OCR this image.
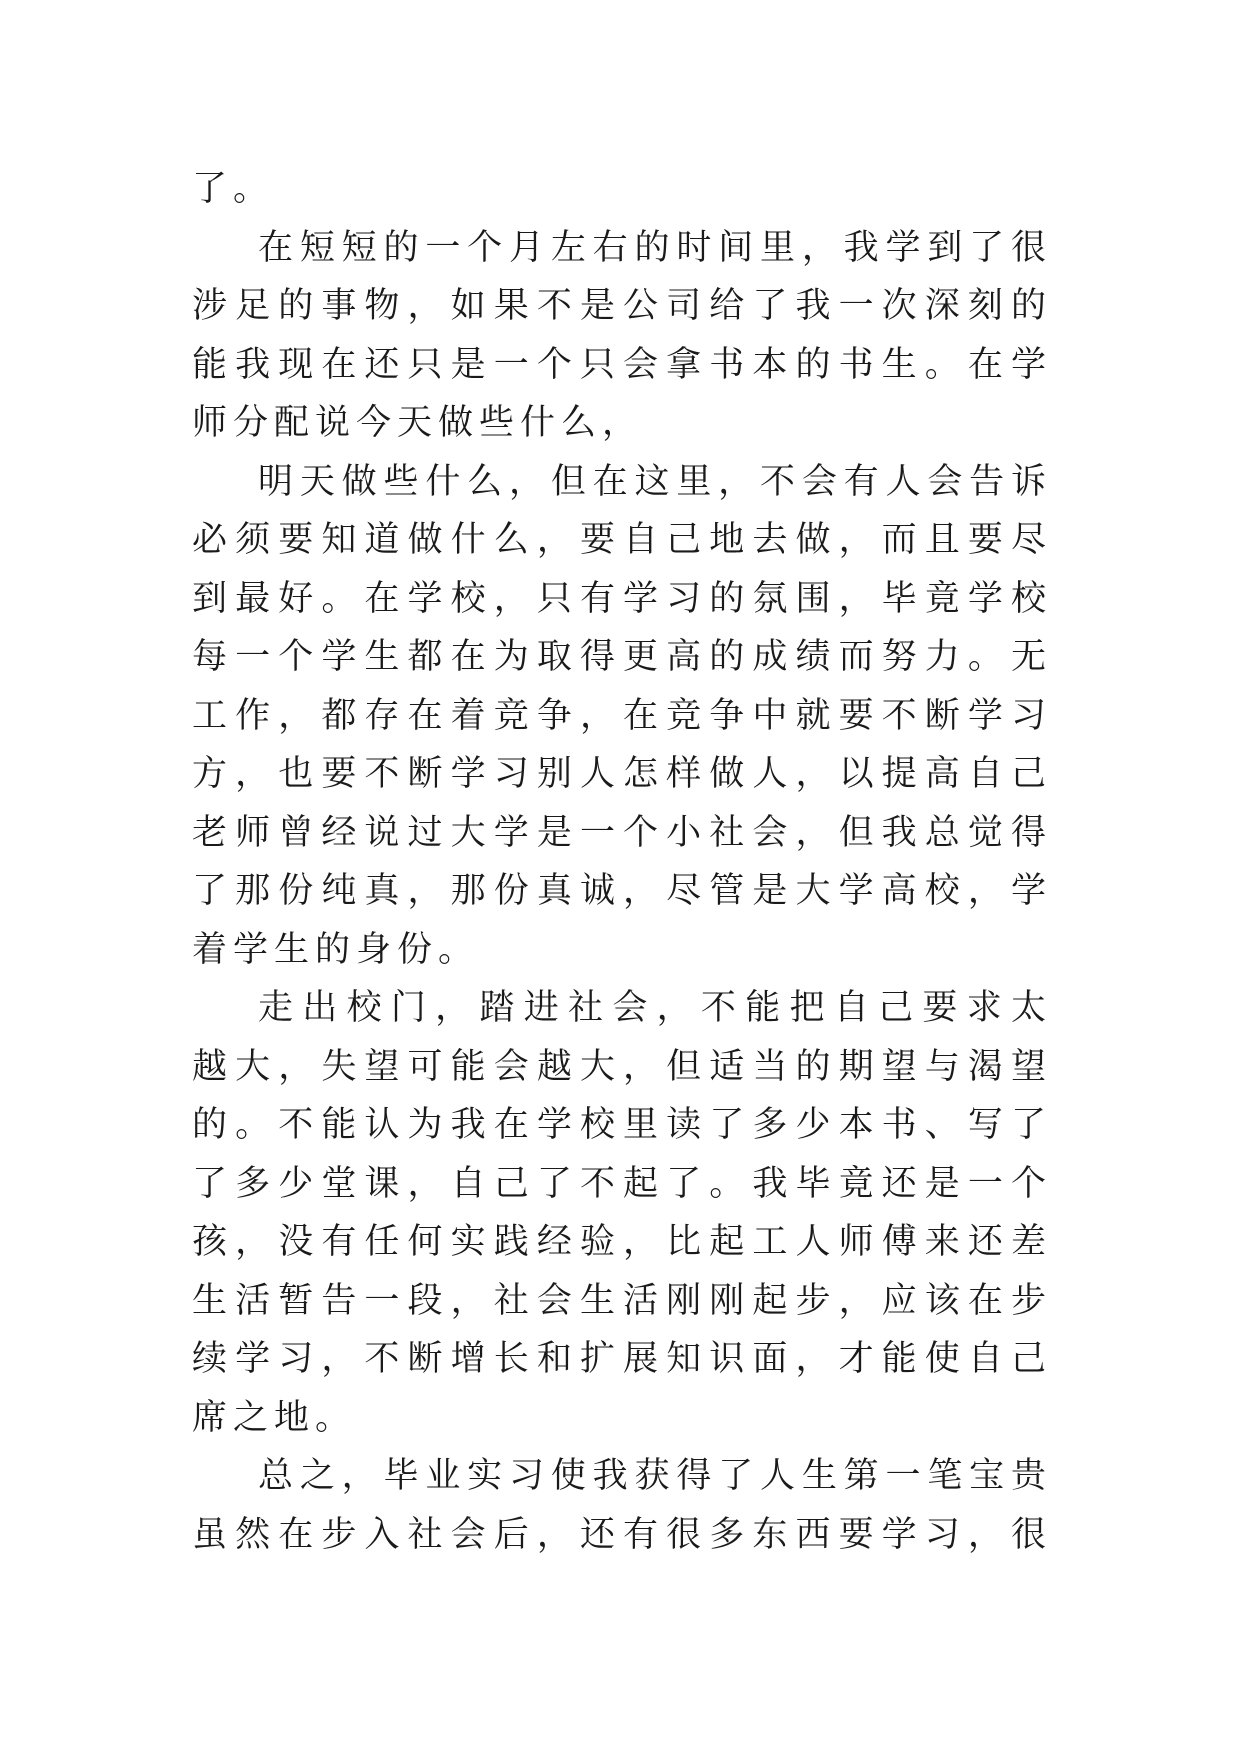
了。
在短短的一个月左右的时间里，我学到了很
涉足的事物，如果不是公司给了我一次深刻的
能我现在还只是一个只会拿书本的书生。在学
师分配说今天做些什么，
明天做些什么，但在这里，不会有人会告诉
必须要知道做什么，要自己地去做，而且要尽
到最好。在学校，只有学习的氛围，毕竟学校
每一个学生都在为取得更高的成绩而努力。无
工作，都存在着竞争，在竞争中就要不断学习
方，也要不断学习别人怎样做人，以提高自己
老师曾经说过大学是一个小社会，但我总觉得
了那份纯真，那份真诚，尽管是大学高校，学
着学生的身份。
走出校门，踏进社会，不能把自己要求太
越大，失望可能会越大，但适当的期望与渴望
的。不能认为我在学校里读了多少本书、写了
了多少堂课，自己了不起了。我毕竟还是一个
孩，没有任何实践经验，比起工人师傅来还差
生活暂告一段，社会生活刚刚起步，应该在步
续学习，不断增长和扩展知识面，才能使自己
席之地。
总之，毕业实习使我获得了人生第一笔宝贵
虽然在步入社会后，还有很多东西要学习，很
